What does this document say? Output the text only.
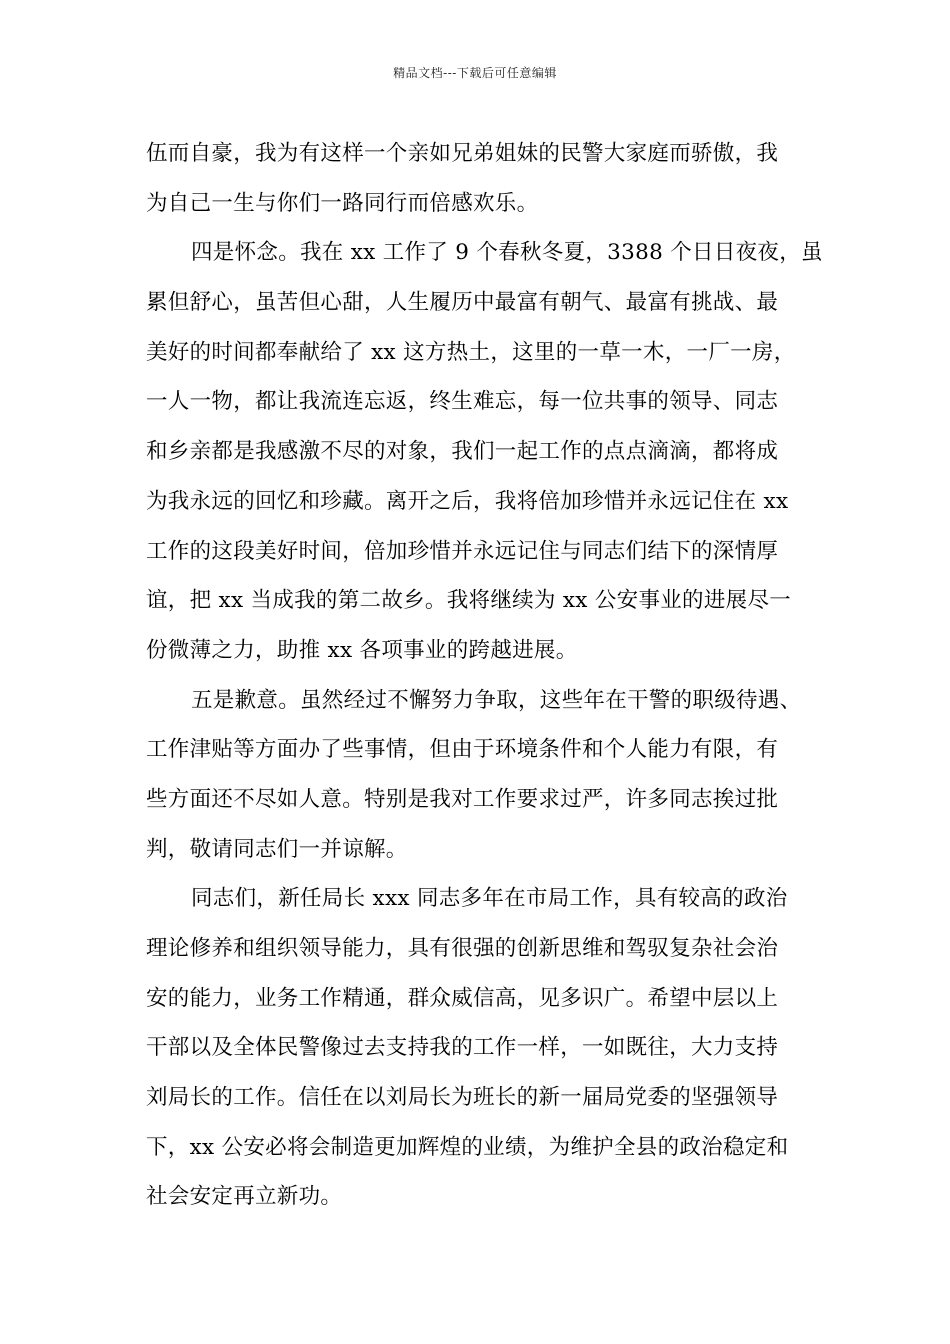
精品文档---下载后可任意编辑
伍而自豪，我为有这样一个亲如兄弟姐妹的民警大家庭而骄傲，我
为自己一生与你们一路同行而倍感欢乐。
四是怀念。我在 xx 工作了 9 个春秋冬夏，3388 个日日夜夜，虽
累但舒心，虽苦但心甜，人生履历中最富有朝气、最富有挑战、最
美好的时间都奉献给了 xx 这方热土，这里的一草一木，一厂一房，
一人一物，都让我流连忘返，终生难忘，每一位共事的领导、同志
和乡亲都是我感激不尽的对象，我们一起工作的点点滴滴，都将成
为我永远的回忆和珍藏。离开之后，我将倍加珍惜并永远记住在 xx
工作的这段美好时间，倍加珍惜并永远记住与同志们结下的深情厚
谊，把 xx 当成我的第二故乡。我将继续为 xx 公安事业的进展尽一
份微薄之力，助推 xx 各项事业的跨越进展。
五是歉意。虽然经过不懈努力争取，这些年在干警的职级待遇、
工作津贴等方面办了些事情，但由于环境条件和个人能力有限，有
些方面还不尽如人意。特别是我对工作要求过严，许多同志挨过批
判，敬请同志们一并谅解。
同志们，新任局长 xxx 同志多年在市局工作，具有较高的政治
理论修养和组织领导能力，具有很强的创新思维和驾驭复杂社会治
安的能力，业务工作精通，群众威信高，见多识广。希望中层以上
干部以及全体民警像过去支持我的工作一样，一如既往，大力支持
刘局长的工作。信任在以刘局长为班长的新一届局党委的坚强领导
下，xx 公安必将会制造更加辉煌的业绩，为维护全县的政治稳定和
社会安定再立新功。
